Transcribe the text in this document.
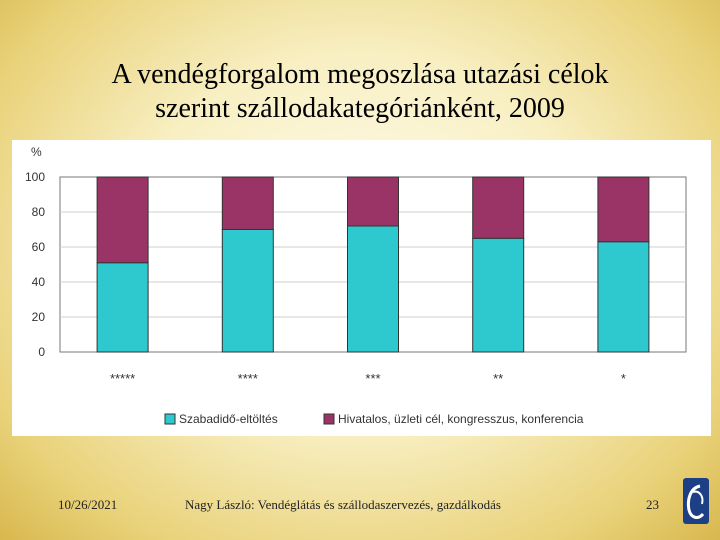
A vendégforgalom megoszlása utazási célok
szerint szállodakategóriánként, 2009
0
20
40
60
80
100
%
*****	****	***	**	*
Szabadidő-eltöltés	Hivatalos, üzleti cél, kongresszus, konferencia
10/26/2021	Nagy László: Vendéglátás és szállodaszervezés, gazdálkodás	23
